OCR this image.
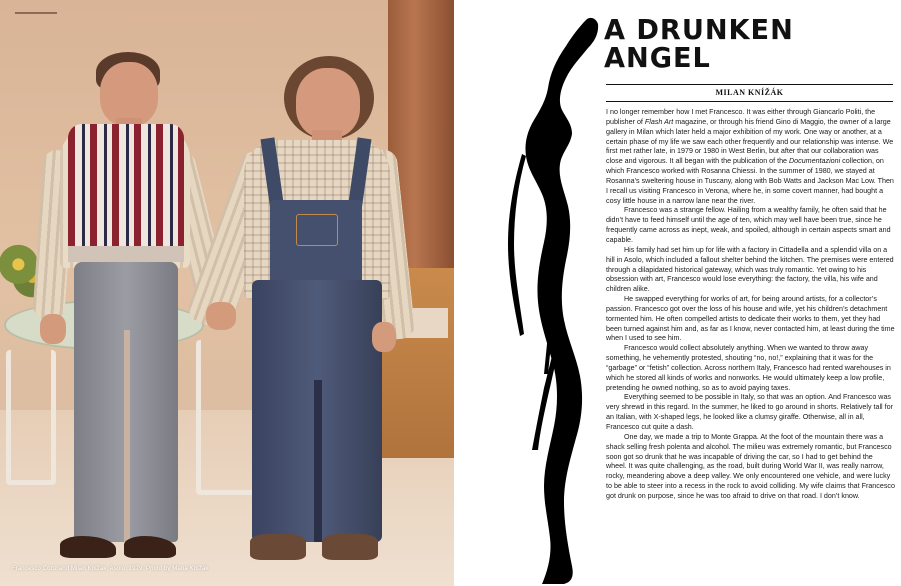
Francesco Conz and Milan Knížák, Asolo, 1979. Photo by Maria Knížák
A DRUNKEN
ANGEL
MILAN KNÍŽÁK

I no longer remember how I met Francesco. It was either through Giancarlo Politi, the publisher of Flash Art magazine, or through his friend Gino di Maggio, the owner of a large gallery in Milan which later held a major exhibition of my work. One way or another, at a certain phase of my life we saw each other frequently and our relationship was intense. We first met rather late, in 1979 or 1980 in West Berlin, but after that our collaboration was close and vigorous. It all began with the publication of the Documentazioni collection, on which Francesco worked with Rosanna Chiessi. In the summer of 1980, we stayed at Rosanna’s sweltering house in Tuscany, along with Bob Watts and Jackson Mac Low. Then I recall us visiting Francesco in Verona, where he, in some covert manner, had bought a cosy little house in a narrow lane near the river.

Francesco was a strange fellow. Hailing from a wealthy family, he often said that he didn’t have to feed himself until the age of ten, which may well have been true, since he frequently came across as inept, weak, and spoiled, although in certain aspects smart and capable.

His family had set him up for life with a factory in Cittadella and a splendid villa on a hill in Asolo, which included a fallout shelter behind the kitchen. The premises were entered through a dilapidated historical gateway, which was truly romantic. Yet owing to his obsession with art, Francesco would lose everything: the factory, the villa, his wife and children alike.

He swapped everything for works of art, for being around artists, for a collector’s passion. Francesco got over the loss of his house and wife, yet his children’s detachment tormented him. He often compelled artists to dedicate their works to them, yet they had been turned against him and, as far as I know, never contacted him, at least during the time when I used to see him.

Francesco would collect absolutely anything. When we wanted to throw away something, he vehemently protested, shouting “no, no!,” explaining that it was for the “garbage” or “fetish” collection. Across northern Italy, Francesco had rented warehouses in which he stored all kinds of works and nonworks. He would ultimately keep a low profile, pretending he owned nothing, so as to avoid paying taxes.

Everything seemed to be possible in Italy, so that was an option. And Francesco was very shrewd in this regard. In the summer, he liked to go around in shorts. Relatively tall for an Italian, with X-shaped legs, he looked like a clumsy giraffe. Otherwise, all in all, Francesco cut quite a dash.

One day, we made a trip to Monte Grappa. At the foot of the mountain there was a shack selling fresh polenta and alcohol. The milieu was extremely romantic, but Francesco soon got so drunk that he was incapable of driving the car, so I had to get behind the wheel. It was quite challenging, as the road, built during World War II, was really narrow, rocky, meandering above a deep valley. We only encountered one vehicle, and were lucky to be able to steer into a recess in the rock to avoid colliding. My wife claims that Francesco got drunk on purpose, since he was too afraid to drive on that road. I don’t know.
